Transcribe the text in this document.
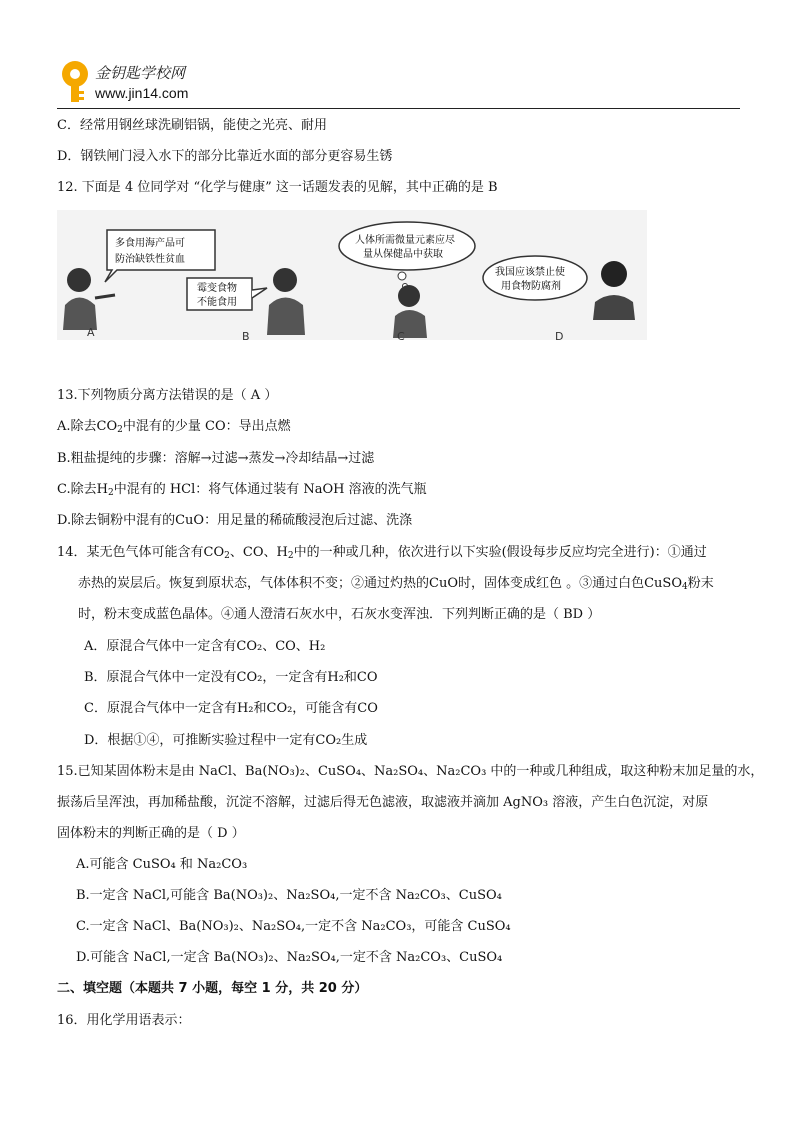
金钥匙学校网
www.jin14.com
C．经常用钢丝球洗刷铝锅，能使之光亮、耐用
D．钢铁闸门浸入水下的部分比靠近水面的部分更容易生锈
12. 下面是 4 位同学对 “化学与健康” 这一话题发表的见解，其中正确的是 B
多食用海产品可
防治缺铁性贫血
A
霉变食物
不能食用
B
人体所需微量元素应尽
量从保健品中获取
C
我国应该禁止使
用食物防腐剂
D
13.下列物质分离方法错误的是（ A ）
A.除去$CO_2$中混有的少量 CO：导出点燃
B.粗盐提纯的步骤：溶解→过滤→蒸发→冷却结晶→过滤
C.除去$H_2$中混有的 HCl：将气体通过装有 NaOH 溶液的洗气瓶
D.除去铜粉中混有的CuO：用足量的稀硫酸浸泡后过滤、洗涤
14．某无色气体可能含有$CO_2$、CO、$H_2$中的一种或几种，依次进行以下实验(假设每步反应均完全进行)：①通过
赤热的炭层后。恢复到原状态，气体体积不变；②通过灼热的CuO时，固体变成红色 。③通过白色CuSO$_4$粉末
时，粉末变成蓝色晶体。④通人澄清石灰水中，石灰水变浑浊．下列判断正确的是（ BD ）
A．原混合气体中一定含有CO₂、CO、H₂
B．原混合气体中一定没有CO₂，一定含有H₂和CO
C．原混合气体中一定含有H₂和CO₂，可能含有CO
D．根据①④，可推断实验过程中一定有CO₂生成
15.已知某固体粉末是由 NaCl、Ba(NO₃)₂、CuSO₄、Na₂SO₄、Na₂CO₃ 中的一种或几种组成，取这种粉末加足量的水，
振荡后呈浑浊，再加稀盐酸，沉淀不溶解，过滤后得无色滤液，取滤液并滴加 AgNO₃ 溶液，产生白色沉淀，对原
固体粉末的判断正确的是（ D ）
A.可能含 CuSO₄ 和 Na₂CO₃
B.一定含 NaCl,可能含 Ba(NO₃)₂、Na₂SO₄,一定不含 Na₂CO₃、CuSO₄
C.一定含 NaCl、Ba(NO₃)₂、Na₂SO₄,一定不含 Na₂CO₃，可能含 CuSO₄
D.可能含 NaCl,一定含 Ba(NO₃)₂、Na₂SO₄,一定不含 Na₂CO₃、CuSO₄
二、填空题（本题共 7 小题，每空 1 分，共 20 分）
16．用化学用语表示：
